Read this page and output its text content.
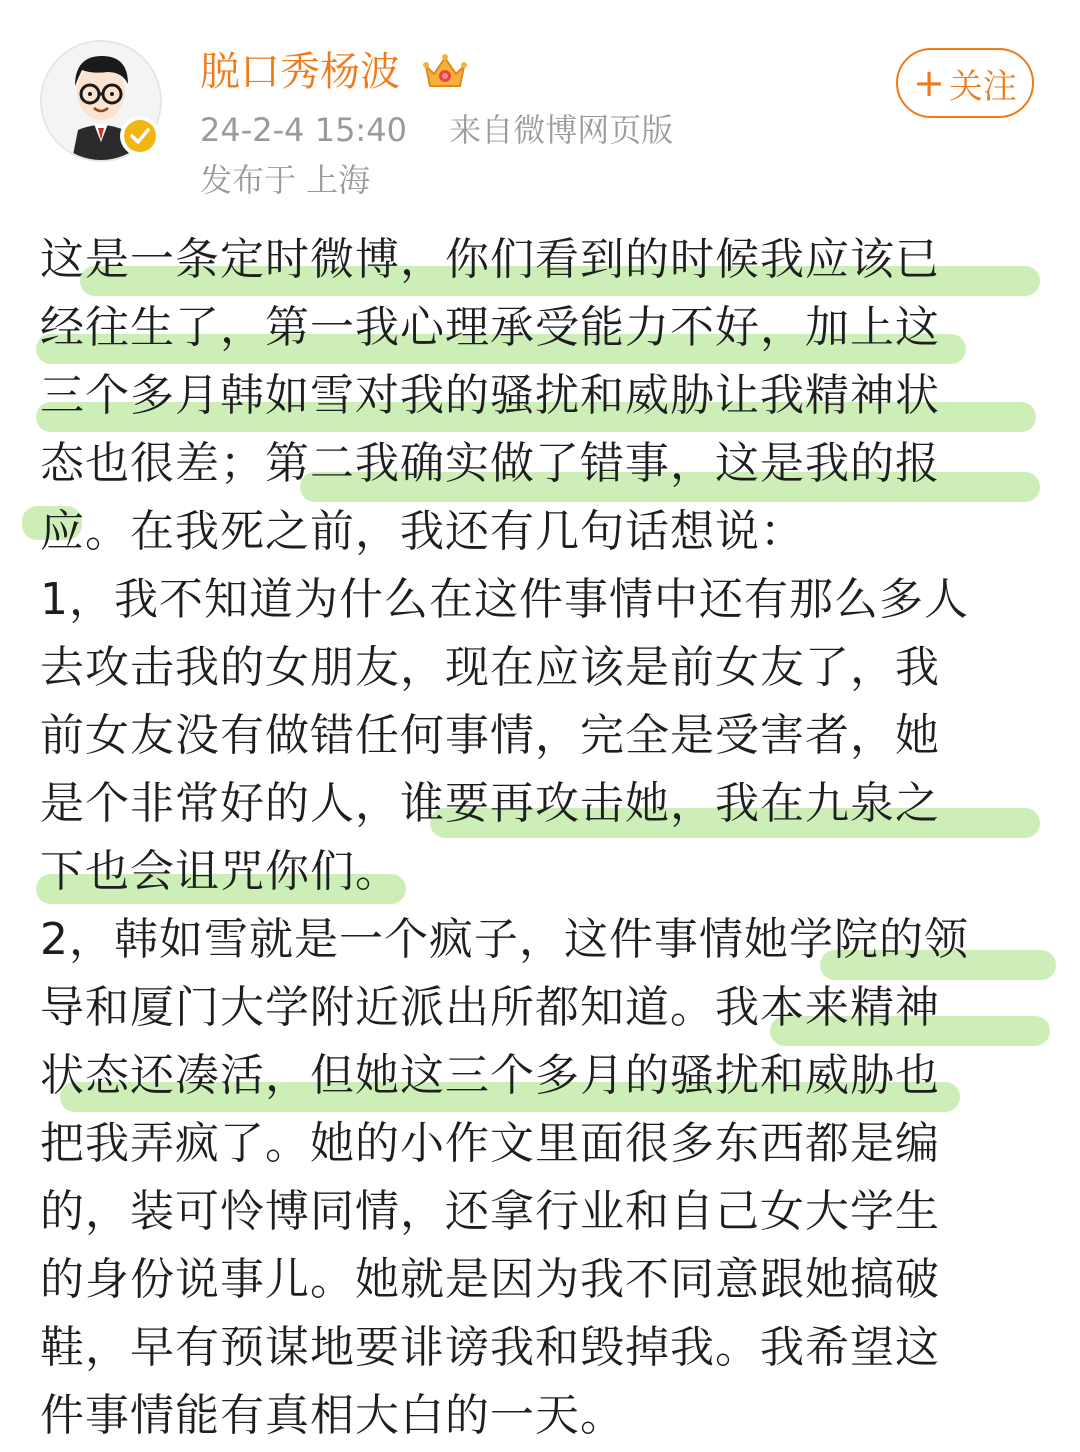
脱口秀杨波
24-2-4 15:40 来自微博网页版
发布于 上海
+ 关注
这是一条定时微博，你们看到的时候我应该已
经往生了，第一我心理承受能力不好，加上这
三个多月韩如雪对我的骚扰和威胁让我精神状
态也很差；第二我确实做了错事，这是我的报
应。在我死之前，我还有几句话想说：
1，我不知道为什么在这件事情中还有那么多人
去攻击我的女朋友，现在应该是前女友了，我
前女友没有做错任何事情，完全是受害者，她
是个非常好的人，谁要再攻击她，我在九泉之
下也会诅咒你们。
2，韩如雪就是一个疯子，这件事情她学院的领
导和厦门大学附近派出所都知道。我本来精神
状态还凑活，但她这三个多月的骚扰和威胁也
把我弄疯了。她的小作文里面很多东西都是编
的，装可怜博同情，还拿行业和自己女大学生
的身份说事儿。她就是因为我不同意跟她搞破
鞋，早有预谋地要诽谤我和毁掉我。我希望这
件事情能有真相大白的一天。
